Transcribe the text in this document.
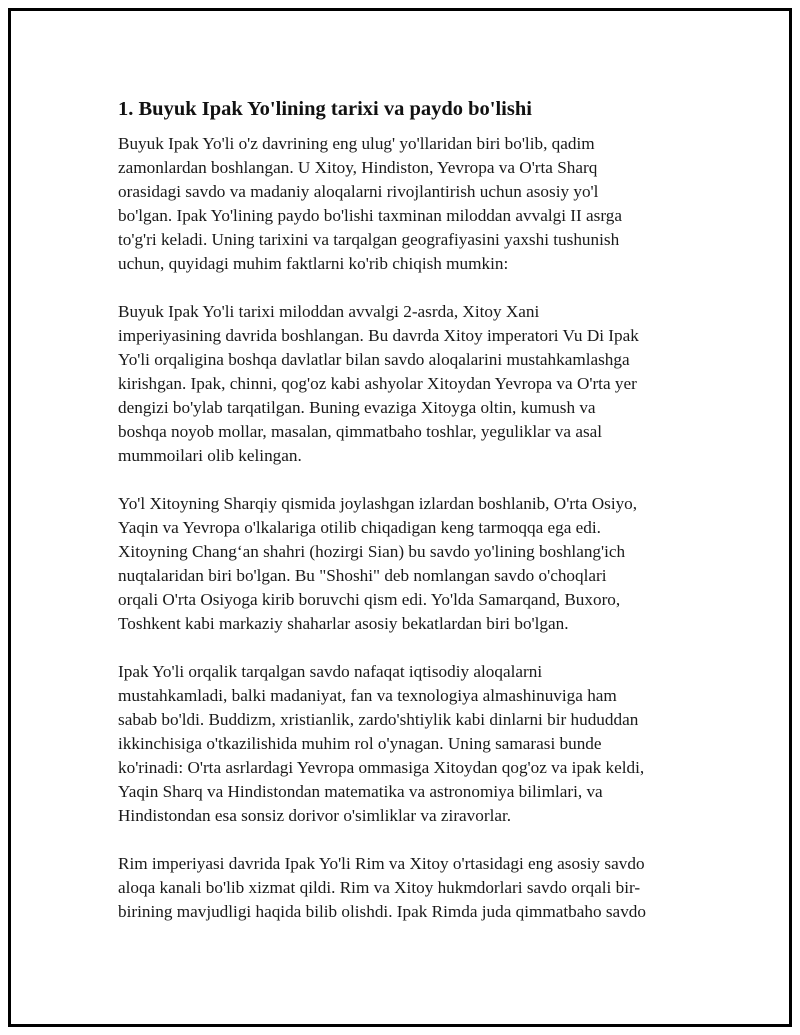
1. Buyuk Ipak Yo'lining tarixi va paydo bo'lishi

Buyuk Ipak Yo'li o'z davrining eng ulug' yo'llaridan biri bo'lib, qadim
zamonlardan boshlangan. U Xitoy, Hindiston, Yevropa va O'rta Sharq
orasidagi savdo va madaniy aloqalarni rivojlantirish uchun asosiy yo'l
bo'lgan. Ipak Yo'lining paydo bo'lishi taxminan miloddan avvalgi II asrga
to'g'ri keladi. Uning tarixini va tarqalgan geografiyasini yaxshi tushunish
uchun, quyidagi muhim faktlarni ko'rib chiqish mumkin:

Buyuk Ipak Yo'li tarixi miloddan avvalgi 2-asrda, Xitoy Xani
imperiyasining davrida boshlangan. Bu davrda Xitoy imperatori Vu Di Ipak
Yo'li orqaligina boshqa davlatlar bilan savdo aloqalarini mustahkamlashga
kirishgan. Ipak, chinni, qog'oz kabi ashyolar Xitoydan Yevropa va O'rta yer
dengizi bo'ylab tarqatilgan. Buning evaziga Xitoyga oltin, kumush va
boshqa noyob mollar, masalan, qimmatbaho toshlar, yeguliklar va asal
mummoilari olib kelingan.

Yo'l Xitoyning Sharqiy qismida joylashgan izlardan boshlanib, O'rta Osiyo,
Yaqin va Yevropa o'lkalariga otilib chiqadigan keng tarmoqqa ega edi.
Xitoyning Chang‘an shahri (hozirgi Sian) bu savdo yo'lining boshlang'ich
nuqtalaridan biri bo'lgan. Bu "Shoshi" deb nomlangan savdo o'choqlari
orqali O'rta Osiyoga kirib boruvchi qism edi. Yo'lda Samarqand, Buxoro,
Toshkent kabi markaziy shaharlar asosiy bekatlardan biri bo'lgan.

Ipak Yo'li orqalik tarqalgan savdo nafaqat iqtisodiy aloqalarni
mustahkamladi, balki madaniyat, fan va texnologiya almashinuviga ham
sabab bo'ldi. Buddizm, xristianlik, zardo'shtiylik kabi dinlarni bir hududdan
ikkinchisiga o'tkazilishida muhim rol o'ynagan. Uning samarasi bunde
ko'rinadi: O'rta asrlardagi Yevropa ommasiga Xitoydan qog'oz va ipak keldi,
Yaqin Sharq va Hindistondan matematika va astronomiya bilimlari, va
Hindistondan esa sonsiz dorivor o'simliklar va ziravorlar.

Rim imperiyasi davrida Ipak Yo'li Rim va Xitoy o'rtasidagi eng asosiy savdo
aloqa kanali bo'lib xizmat qildi. Rim va Xitoy hukmdorlari savdo orqali bir-
birining mavjudligi haqida bilib olishdi. Ipak Rimda juda qimmatbaho savdo
